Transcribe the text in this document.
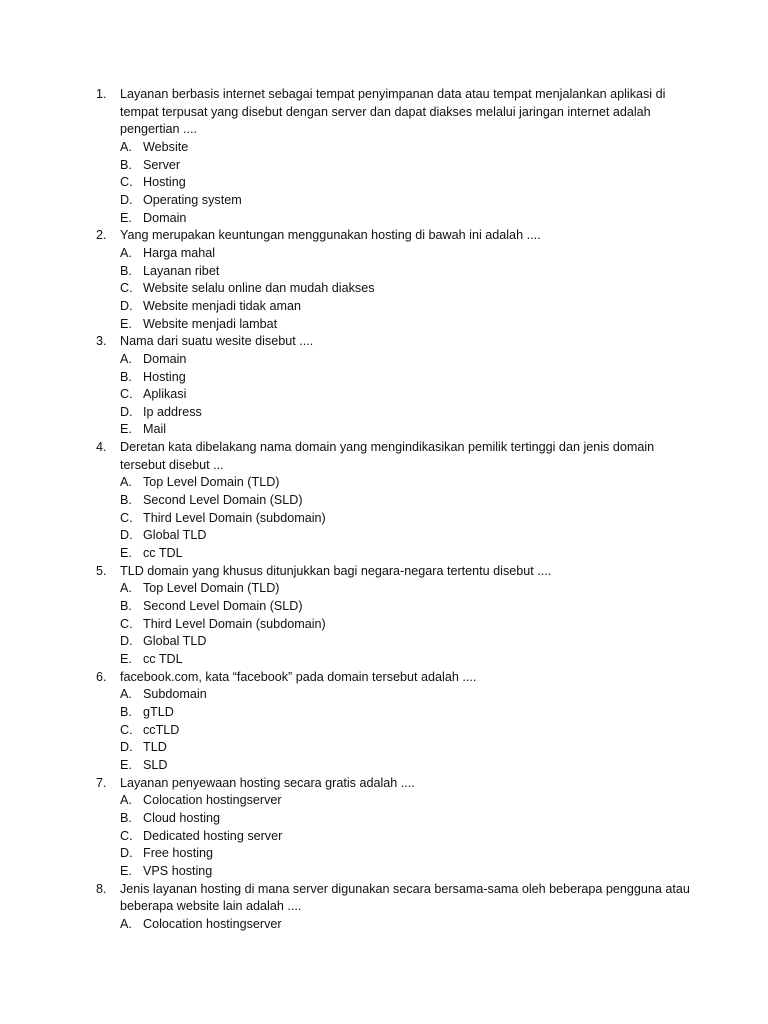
1. Layanan berbasis internet sebagai tempat penyimpanan data atau tempat menjalankan aplikasi di tempat terpusat yang disebut dengan server dan dapat diakses melalui jaringan internet adalah pengertian ....
A. Website
B. Server
C. Hosting
D. Operating system
E. Domain
2. Yang merupakan keuntungan menggunakan hosting di bawah ini adalah ....
A. Harga mahal
B. Layanan ribet
C. Website selalu online dan mudah diakses
D. Website menjadi tidak aman
E. Website menjadi lambat
3. Nama dari suatu wesite disebut ....
A. Domain
B. Hosting
C. Aplikasi
D. Ip address
E. Mail
4. Deretan kata dibelakang nama domain yang mengindikasikan pemilik tertinggi dan jenis domain tersebut disebut ...
A. Top Level Domain (TLD)
B. Second Level Domain (SLD)
C. Third Level Domain (subdomain)
D. Global TLD
E. cc TDL
5. TLD domain yang khusus ditunjukkan bagi negara-negara tertentu disebut ....
A. Top Level Domain (TLD)
B. Second Level Domain (SLD)
C. Third Level Domain (subdomain)
D. Global TLD
E. cc TDL
6. facebook.com, kata “facebook” pada domain tersebut adalah ....
A. Subdomain
B. gTLD
C. ccTLD
D. TLD
E. SLD
7. Layanan penyewaan hosting secara gratis adalah ....
A. Colocation hostingserver
B. Cloud hosting
C. Dedicated hosting server
D. Free hosting
E. VPS hosting
8. Jenis layanan hosting di mana server digunakan secara bersama-sama oleh beberapa pengguna atau beberapa website lain adalah ....
A. Colocation hostingserver
